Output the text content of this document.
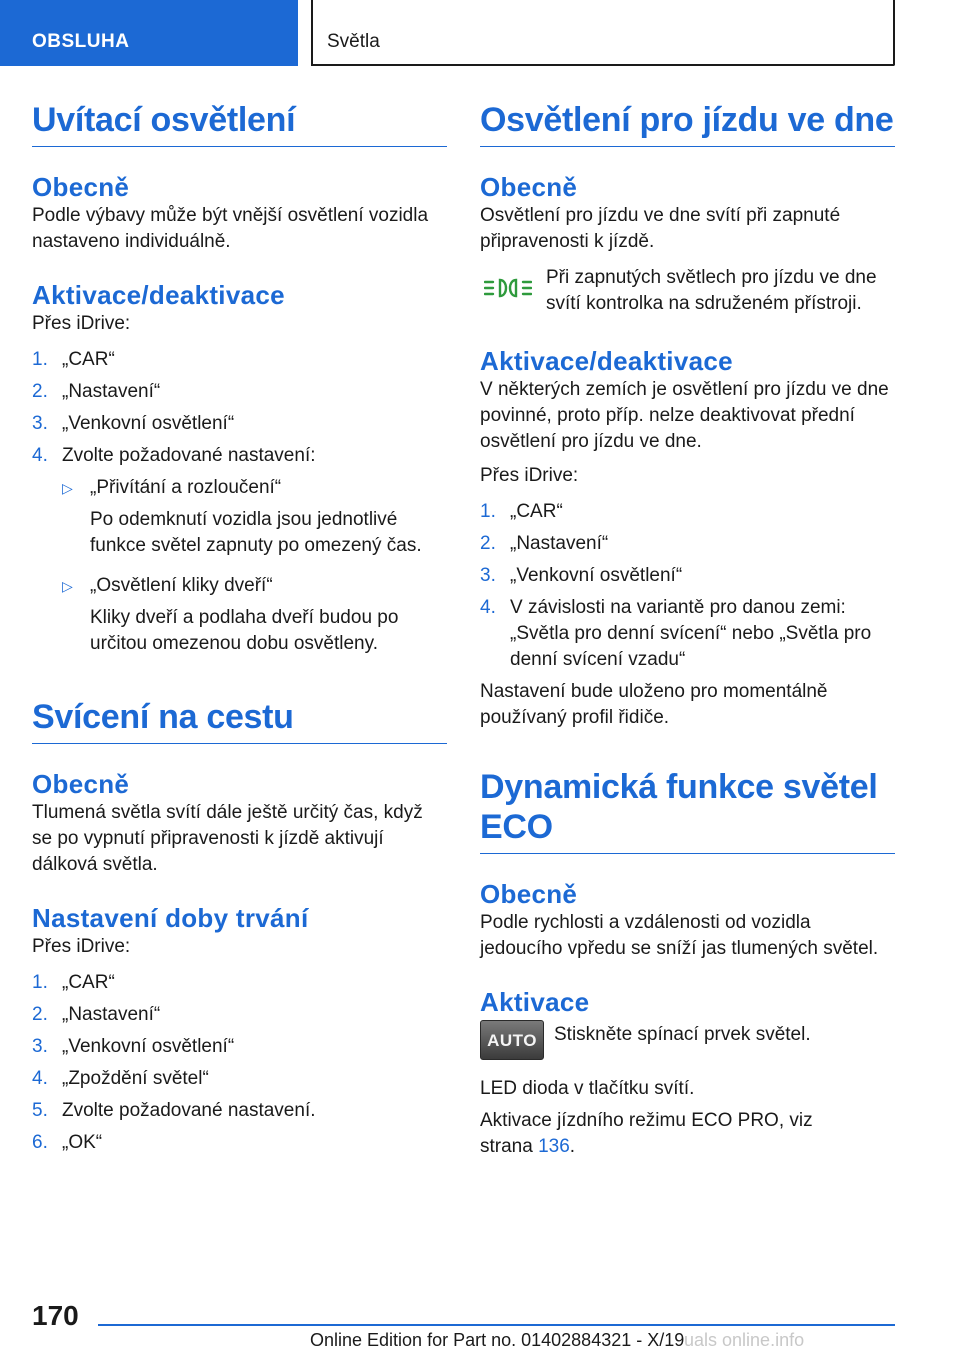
OBSLUHA	Světla
Uvítací osvětlení
Obecně

Podle výbavy může být vnější osvětlení vozidla nastaveno individuálně.

Aktivace/deaktivace

Přes iDrive:

1. „CAR“
2. „Nastavení“
3. „Venkovní osvětlení“
4. Zvolte požadované nastavení:
▷ „Přivítání a rozloučení“
Po odemknutí vozidla jsou jednotlivé funkce světel zapnuty po omezený čas.
▷ „Osvětlení kliky dveří“
Kliky dveří a podlaha dveří budou po určitou omezenou dobu osvětleny.
Svícení na cestu
Obecně

Tlumená světla svítí dále ještě určitý čas, když se po vypnutí připravenosti k jízdě aktivují dálková světla.

Nastavení doby trvání

Přes iDrive:

1. „CAR“
2. „Nastavení“
3. „Venkovní osvětlení“
4. „Zpoždění světel“
5. Zvolte požadované nastavení.
6. „OK“
Osvětlení pro jízdu ve dne
Obecně

Osvětlení pro jízdu ve dne svítí při zapnuté připravenosti k jízdě.

Při zapnutých světlech pro jízdu ve dne svítí kontrolka na sdruženém přístroji.

Aktivace/deaktivace

V některých zemích je osvětlení pro jízdu ve dne povinné, proto příp. nelze deaktivovat přední osvětlení pro jízdu ve dne.

Přes iDrive:

1. „CAR“
2. „Nastavení“
3. „Venkovní osvětlení“
4. V závislosti na variantě pro danou zemi: „Světla pro denní svícení“ nebo „Světla pro denní svícení vzadu“

Nastavení bude uloženo pro momentálně používaný profil řidiče.

Dynamická funkce světel ECO
Obecně

Podle rychlosti a vzdálenosti od vozidla jedoucího vpředu se sníží jas tlumených světel.

Aktivace
AUTO Stiskněte spínací prvek světel.

LED dioda v tlačítku svítí.

Aktivace jízdního režimu ECO PRO, viz strana 136.

170
Online Edition for Part no. 01402884321 - X/19 uals online.info
